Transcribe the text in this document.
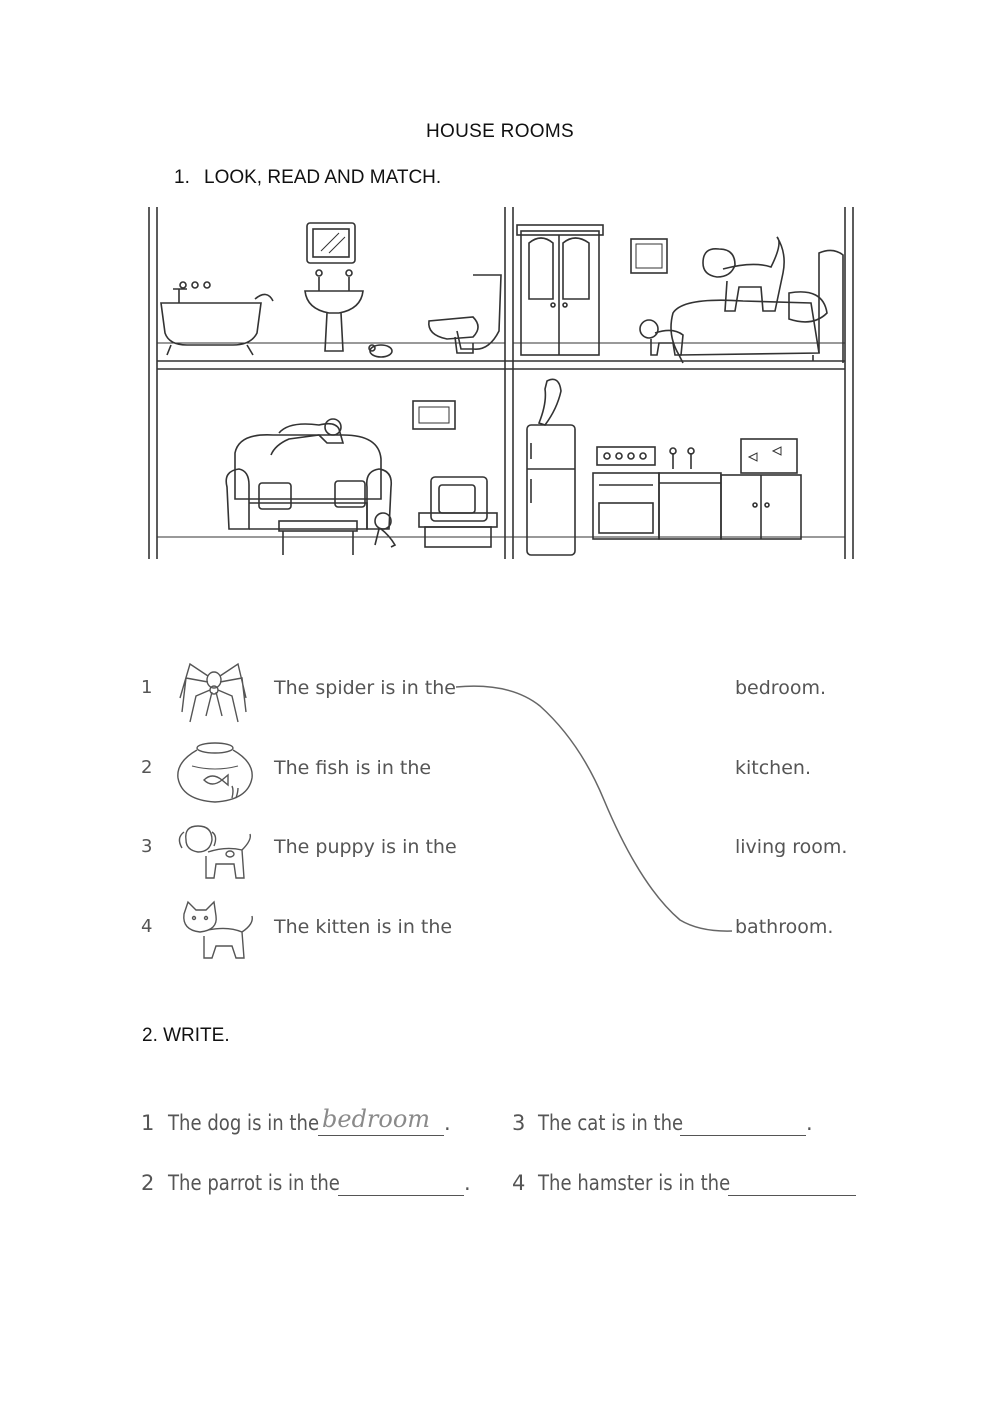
HOUSE ROOMS
1. LOOK, READ AND MATCH.
1
2
3
4
The spider is in the
The fish is in the
The puppy is in the
The kitten is in the
bedroom.
kitchen.
living room.
bathroom.
2. WRITE.
1 The dog is in the bedroom .
2 The parrot is in the	.
3 The cat is in the	.
4 The hamster is in the
